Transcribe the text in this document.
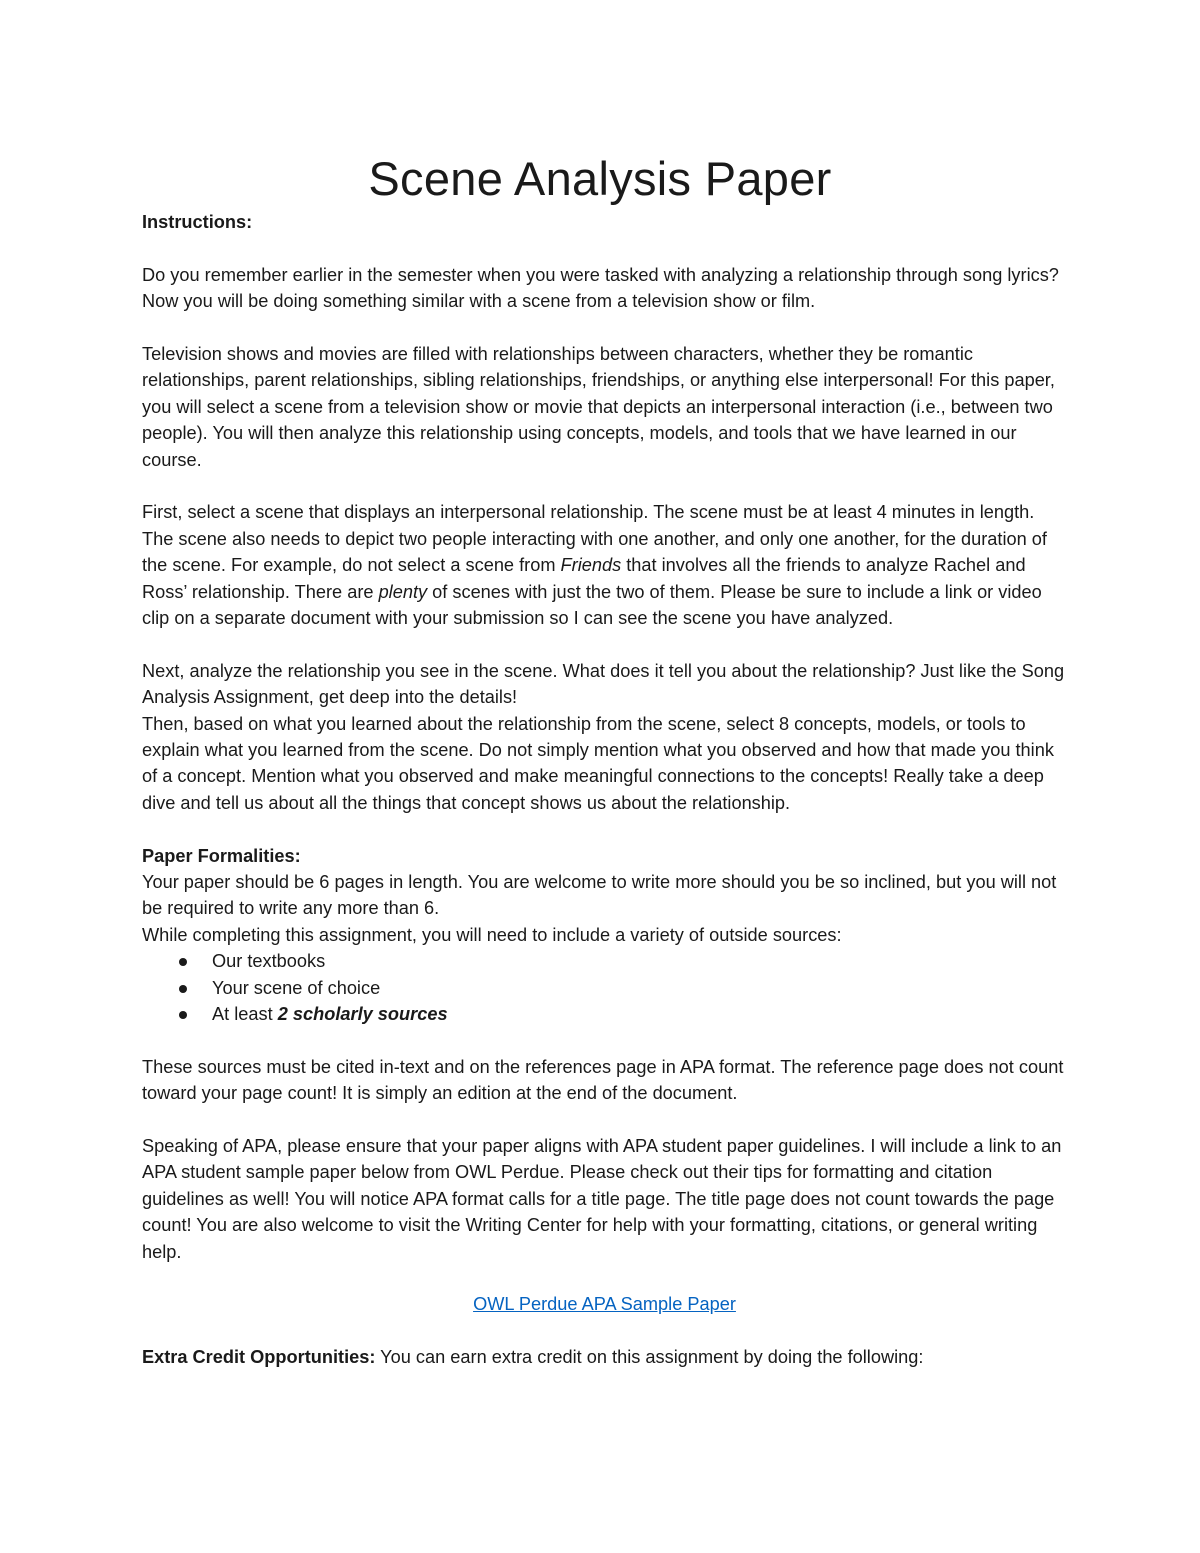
Scene Analysis Paper

Instructions:

Do you remember earlier in the semester when you were tasked with analyzing a relationship through song lyrics? Now you will be doing something similar with a scene from a television show or film.

Television shows and movies are filled with relationships between characters, whether they be romantic relationships, parent relationships, sibling relationships, friendships, or anything else interpersonal! For this paper, you will select a scene from a television show or movie that depicts an interpersonal interaction (i.e., between two people). You will then analyze this relationship using concepts, models, and tools that we have learned in our course.

First, select a scene that displays an interpersonal relationship. The scene must be at least 4 minutes in length. The scene also needs to depict two people interacting with one another, and only one another, for the duration of the scene. For example, do not select a scene from Friends that involves all the friends to analyze Rachel and Ross’ relationship. There are plenty of scenes with just the two of them. Please be sure to include a link or video clip on a separate document with your submission so I can see the scene you have analyzed.

Next, analyze the relationship you see in the scene. What does it tell you about the relationship? Just like the Song Analysis Assignment, get deep into the details!

Then, based on what you learned about the relationship from the scene, select 8 concepts, models, or tools to explain what you learned from the scene. Do not simply mention what you observed and how that made you think of a concept. Mention what you observed and make meaningful connections to the concepts! Really take a deep dive and tell us about all the things that concept shows us about the relationship.

Paper Formalities:

Your paper should be 6 pages in length. You are welcome to write more should you be so inclined, but you will not be required to write any more than 6.

While completing this assignment, you will need to include a variety of outside sources:

Our textbooks
Your scene of choice
At least 2 scholarly sources

These sources must be cited in-text and on the references page in APA format. The reference page does not count toward your page count! It is simply an edition at the end of the document.

Speaking of APA, please ensure that your paper aligns with APA student paper guidelines. I will include a link to an APA student sample paper below from OWL Perdue. Please check out their tips for formatting and citation guidelines as well! You will notice APA format calls for a title page. The title page does not count towards the page count! You are also welcome to visit the Writing Center for help with your formatting, citations, or general writing help.

OWL Perdue APA Sample Paper

Extra Credit Opportunities: You can earn extra credit on this assignment by doing the following:
